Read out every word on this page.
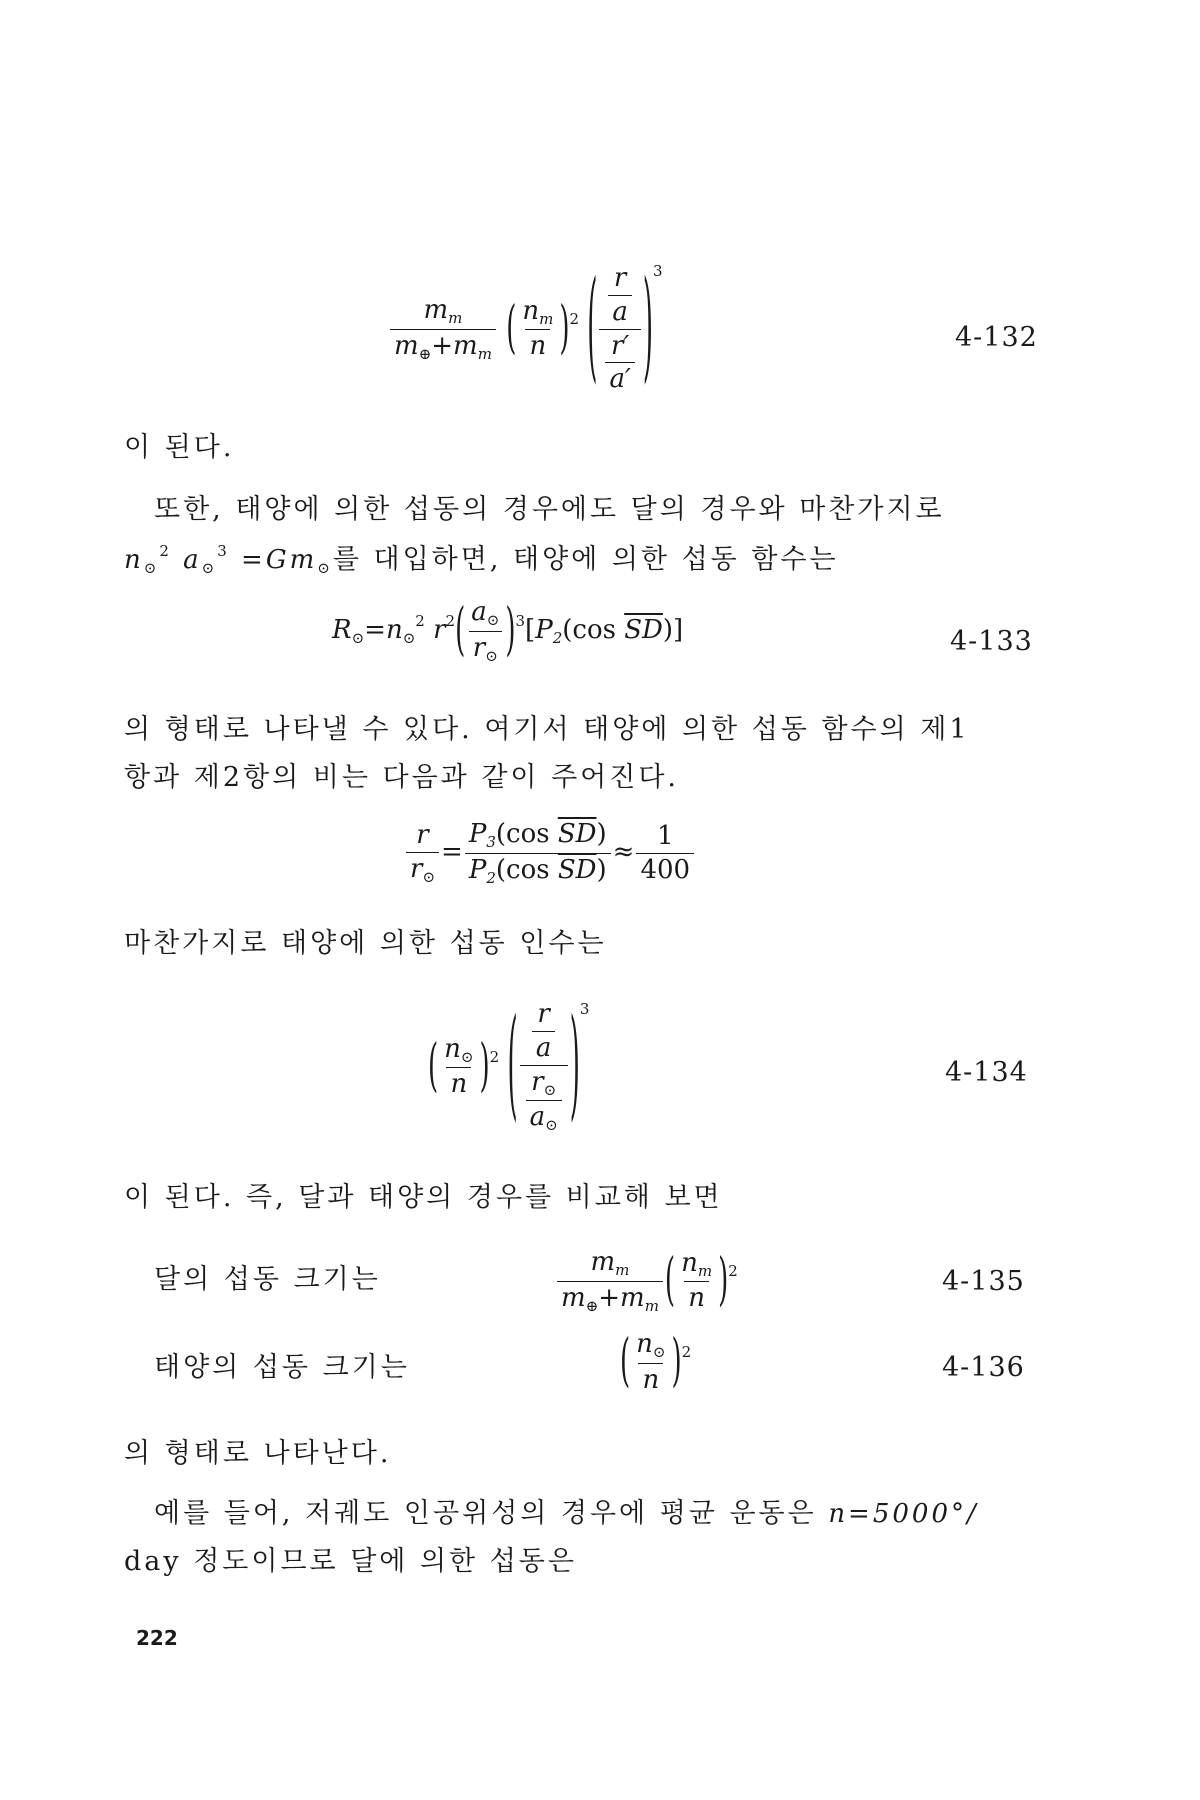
$\frac{m_m}{m_\oplus+m_m}$ ( $\frac{n_m}{n} )^2$ ( $\frac{\frac{r}{a}}{\frac{r'}{a'}} )^3$
4-132
이 된다.
또한, 태양에 의한 섭동의 경우에도 달의 경우와 마찬가지로
$n_⊙^2$ $a_⊙^3 =Gm_⊙$를 대입하면, 태양에 의한 섭동 함수는
$R_⊙=n_⊙^2$ $r^2( \frac{a_⊙}{r_⊙} )^3[P_2(\cos$ $\overline{SD}$)]	4-133
의 형태로 나타낼 수 있다. 여기서 태양에 의한 섭동 함수의 제1
항과 제2항의 비는 다음과 같이 주어진다.
$\frac{r}{r_⊙} = \frac{P_3(\cos \overline{SD})}{P_2(\cos \overline{SD})} \approx \frac{1}{400}$
마찬가지로 태양에 의한 섭동 인수는
( $\frac{n_⊙}{n} )^2$ ( $\frac{\frac{r}{a}}{\frac{r_⊙}{a_⊙}} )^3$
4-134
이 된다. 즉, 달과 태양의 경우를 비교해 보면
달의 섭동 크기는	$\frac{m_m}{m_\oplus+m_m}$ ( $\frac{n_m}{n} )^2$	4-135
태양의 섭동 크기는	( $\frac{n_⊙}{n} )^2$	4-136
의 형태로 나타난다.
예를 들어, 저궤도 인공위성의 경우에 평균 운동은 n=5000°/
day 정도이므로 달에 의한 섭동은
222
